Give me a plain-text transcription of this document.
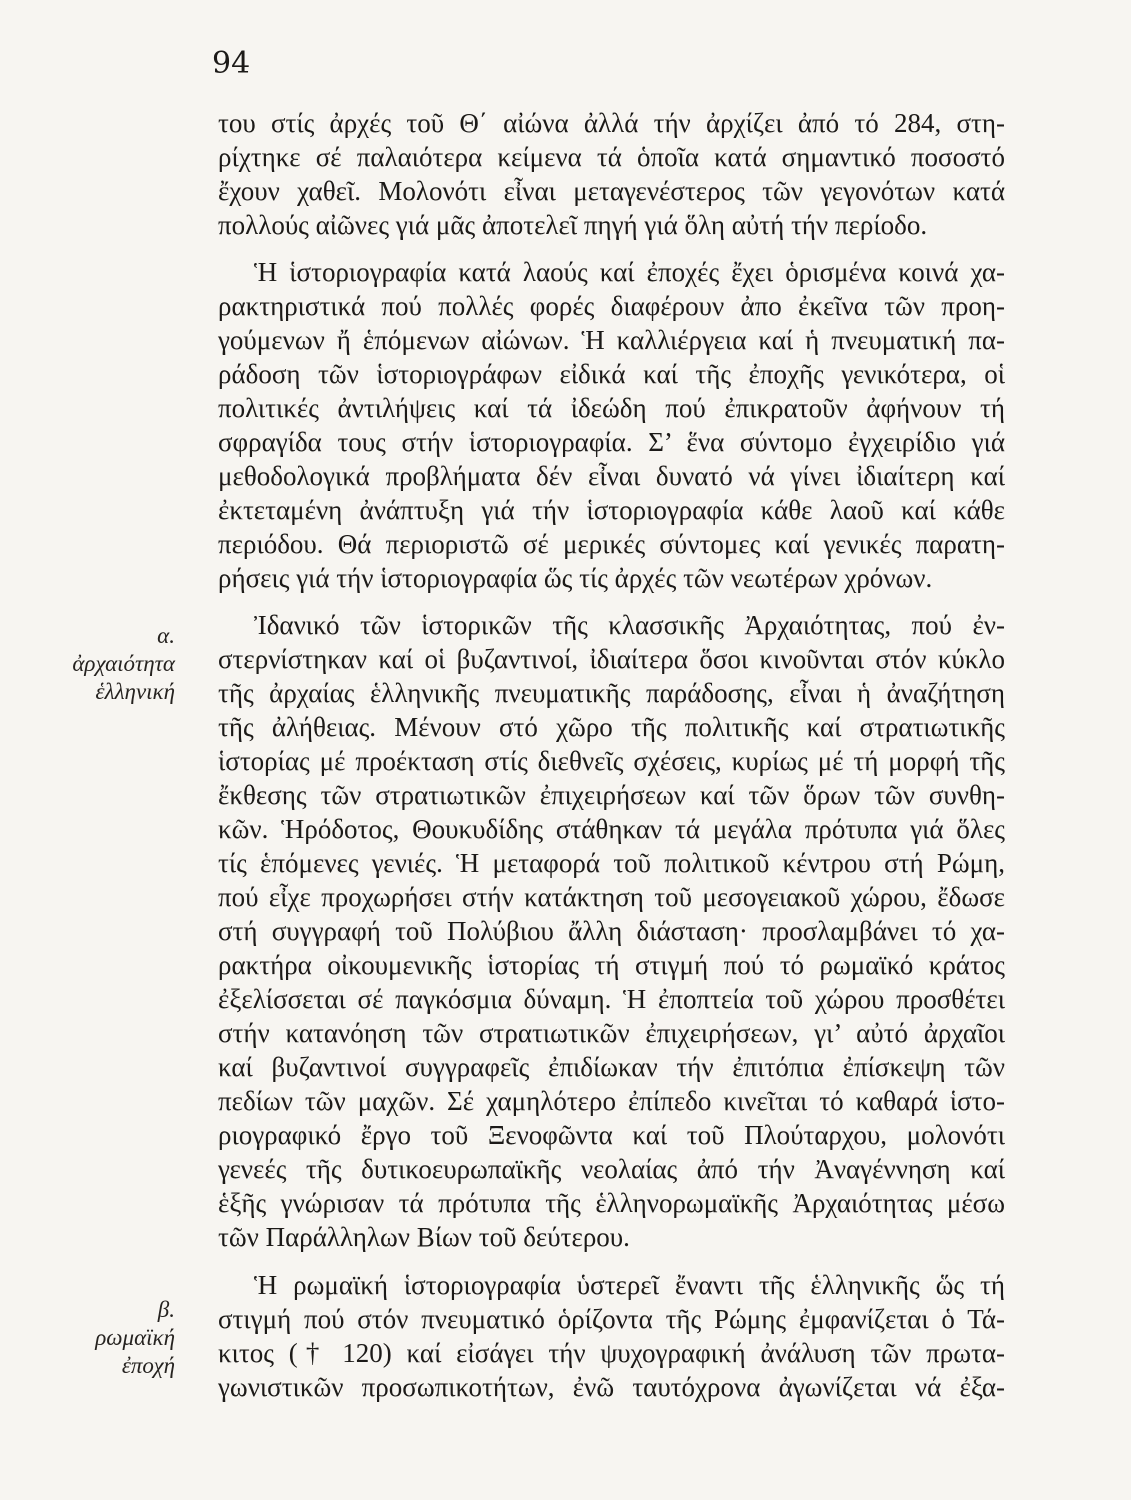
94
α.
ἀρχαιότητα
ἑλληνική
β.
ρωμαϊκή
ἐποχή
του στίς ἀρχές τοῦ Θ΄ αἰώνα ἀλλά τήν ἀρχίζει ἀπό τό 284, στη-
ρίχτηκε σέ παλαιότερα κείμενα τά ὁποῖα κατά σημαντικό ποσοστό
ἔχουν χαθεῖ. Μολονότι εἶναι μεταγενέστερος τῶν γεγονότων κατά
πολλούς αἰῶνες γιά μᾶς ἀποτελεῖ πηγή γιά ὅλη αὐτή τήν περίοδο.
Ἡ ἱστοριογραφία κατά λαούς καί ἐποχές ἔχει ὁρισμένα κοινά χα-
ρακτηριστικά πού πολλές φορές διαφέρουν ἀπο ἐκεῖνα τῶν προη-
γούμενων ἤ ἑπόμενων αἰώνων. Ἡ καλλιέργεια καί ἡ πνευματική πα-
ράδοση τῶν ἱστοριογράφων εἰδικά καί τῆς ἐποχῆς γενικότερα, οἱ
πολιτικές ἀντιλήψεις καί τά ἰδεώδη πού ἐπικρατοῦν ἀφήνουν τή
σφραγίδα τους στήν ἱστοριογραφία. Σ’ ἕνα σύντομο ἐγχειρίδιο γιά
μεθοδολογικά προβλήματα δέν εἶναι δυνατό νά γίνει ἰδιαίτερη καί
ἐκτεταμένη ἀνάπτυξη γιά τήν ἱστοριογραφία κάθε λαοῦ καί κάθε
περιόδου. Θά περιοριστῶ σέ μερικές σύντομες καί γενικές παρατη-
ρήσεις γιά τήν ἱστοριογραφία ὥς τίς ἀρχές τῶν νεωτέρων χρόνων.
Ἰδανικό τῶν ἱστορικῶν τῆς κλασσικῆς Ἀρχαιότητας, πού ἐν-
στερνίστηκαν καί οἱ βυζαντινοί, ἰδιαίτερα ὅσοι κινοῦνται στόν κύκλο
τῆς ἀρχαίας ἑλληνικῆς πνευματικῆς παράδοσης, εἶναι ἡ ἀναζήτηση
τῆς ἀλήθειας. Μένουν στό χῶρο τῆς πολιτικῆς καί στρατιωτικῆς
ἱστορίας μέ προέκταση στίς διεθνεῖς σχέσεις, κυρίως μέ τή μορφή τῆς
ἔκθεσης τῶν στρατιωτικῶν ἐπιχειρήσεων καί τῶν ὅρων τῶν συνθη-
κῶν. Ἡρόδοτος, Θουκυδίδης στάθηκαν τά μεγάλα πρότυπα γιά ὅλες
τίς ἑπόμενες γενιές. Ἡ μεταφορά τοῦ πολιτικοῦ κέντρου στή Ρώμη,
πού εἶχε προχωρήσει στήν κατάκτηση τοῦ μεσογειακοῦ χώρου, ἔδωσε
στή συγγραφή τοῦ Πολύβιου ἄλλη διάσταση· προσλαμβάνει τό χα-
ρακτήρα οἰκουμενικῆς ἱστορίας τή στιγμή πού τό ρωμαϊκό κράτος
ἐξελίσσεται σέ παγκόσμια δύναμη. Ἡ ἐποπτεία τοῦ χώρου προσθέτει
στήν κατανόηση τῶν στρατιωτικῶν ἐπιχειρήσεων, γι’ αὐτό ἀρχαῖοι
καί βυζαντινοί συγγραφεῖς ἐπιδίωκαν τήν ἐπιτόπια ἐπίσκεψη τῶν
πεδίων τῶν μαχῶν. Σέ χαμηλότερο ἐπίπεδο κινεῖται τό καθαρά ἱστο-
ριογραφικό ἔργο τοῦ Ξενοφῶντα καί τοῦ Πλούταρχου, μολονότι
γενεές τῆς δυτικοευρωπαϊκῆς νεολαίας ἀπό τήν Ἀναγέννηση καί
ἑξῆς γνώρισαν τά πρότυπα τῆς ἑλληνορωμαϊκῆς Ἀρχαιότητας μέσω
τῶν Παράλληλων Βίων τοῦ δεύτερου.
Ἡ ρωμαϊκή ἱστοριογραφία ὑστερεῖ ἔναντι τῆς ἑλληνικῆς ὥς τή
στιγμή πού στόν πνευματικό ὁρίζοντα τῆς Ρώμης ἐμφανίζεται ὁ Τά-
κιτος († 120) καί εἰσάγει τήν ψυχογραφική ἀνάλυση τῶν πρωτα-
γωνιστικῶν προσωπικοτήτων, ἐνῶ ταυτόχρονα ἀγωνίζεται νά ἐξα-
